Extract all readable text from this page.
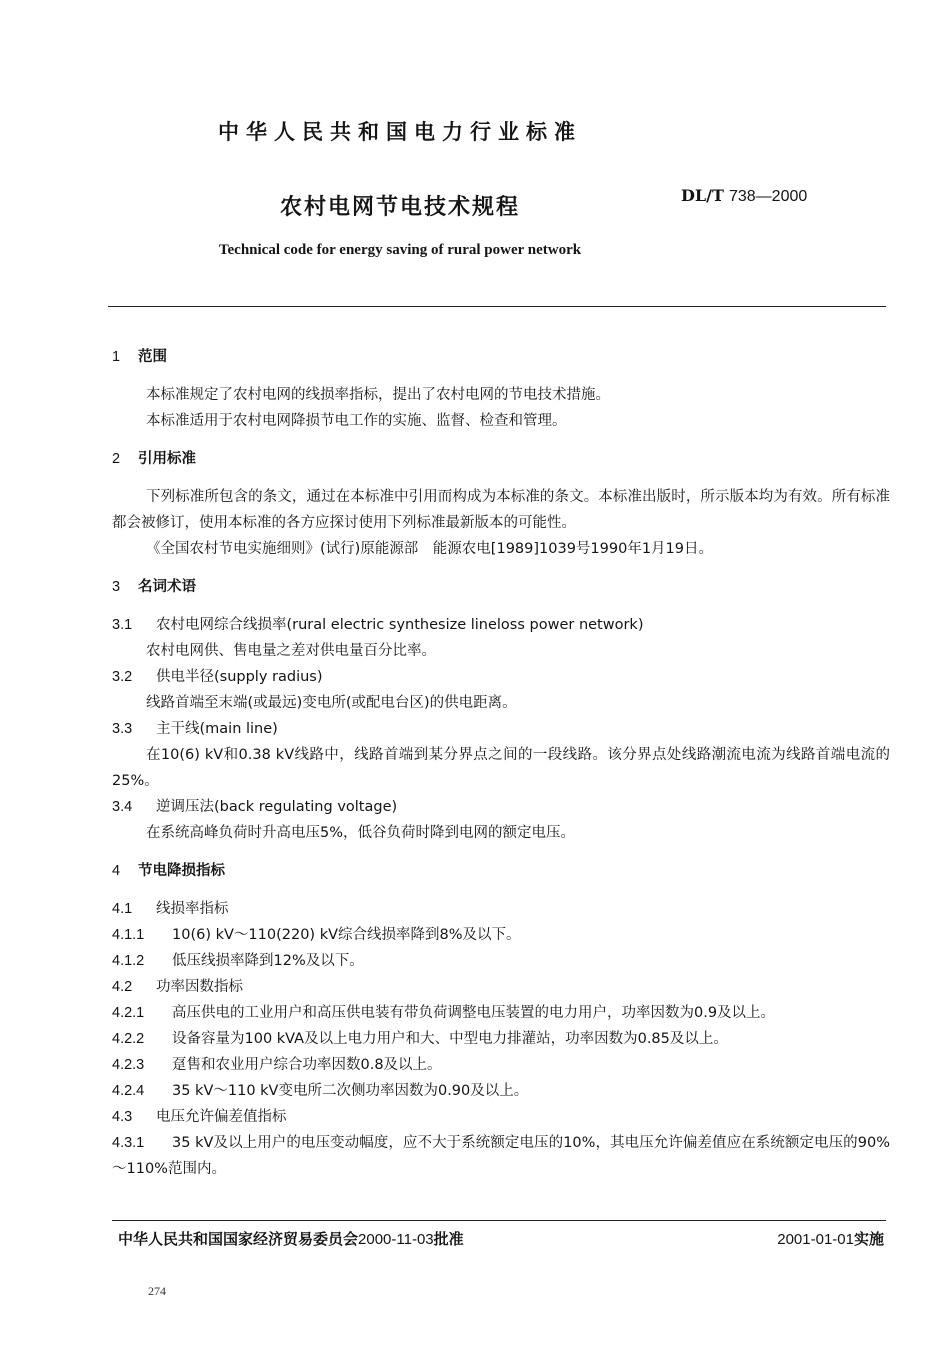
中华人民共和国电力行业标准
农村电网节电技术规程	DL/T 738—2000
Technical code for energy saving of rural power network
1 范围

本标准规定了农村电网的线损率指标，提出了农村电网的节电技术措施。

本标准适用于农村电网降损节电工作的实施、监督、检查和管理。

2 引用标准

下列标准所包含的条文，通过在本标准中引用而构成为本标准的条文。本标准出版时，所示版本均为有效。所有标准都会被修订，使用本标准的各方应探讨使用下列标准最新版本的可能性。

《全国农村节电实施细则》(试行)原能源部　能源农电[1989]1039号1990年1月19日。

3 名词术语

3.1 农村电网综合线损率(rural electric synthesize lineloss power network)

农村电网供、售电量之差对供电量百分比率。

3.2 供电半径(supply radius)

线路首端至末端(或最远)变电所(或配电台区)的供电距离。

3.3 主干线(main line)

在10(6) kV和0.38 kV线路中，线路首端到某分界点之间的一段线路。该分界点处线路潮流电流为线路首端电流的25%。

3.4 逆调压法(back regulating voltage)

在系统高峰负荷时升高电压5%，低谷负荷时降到电网的额定电压。

4 节电降损指标

4.1 线损率指标

4.1.1 10(6) kV～110(220) kV综合线损率降到8%及以下。

4.1.2 低压线损率降到12%及以下。

4.2 功率因数指标

4.2.1 高压供电的工业用户和高压供电装有带负荷调整电压装置的电力用户，功率因数为0.9及以上。

4.2.2 设备容量为100 kVA及以上电力用户和大、中型电力排灌站，功率因数为0.85及以上。

4.2.3 趸售和农业用户综合功率因数0.8及以上。

4.2.4 35 kV～110 kV变电所二次侧功率因数为0.90及以上。

4.3 电压允许偏差值指标

4.3.1 35 kV及以上用户的电压变动幅度，应不大于系统额定电压的10%，其电压允许偏差值应在系统额定电压的90%～110%范围内。

中华人民共和国国家经济贸易委员会2000-11-03批准	2001-01-01实施
274
